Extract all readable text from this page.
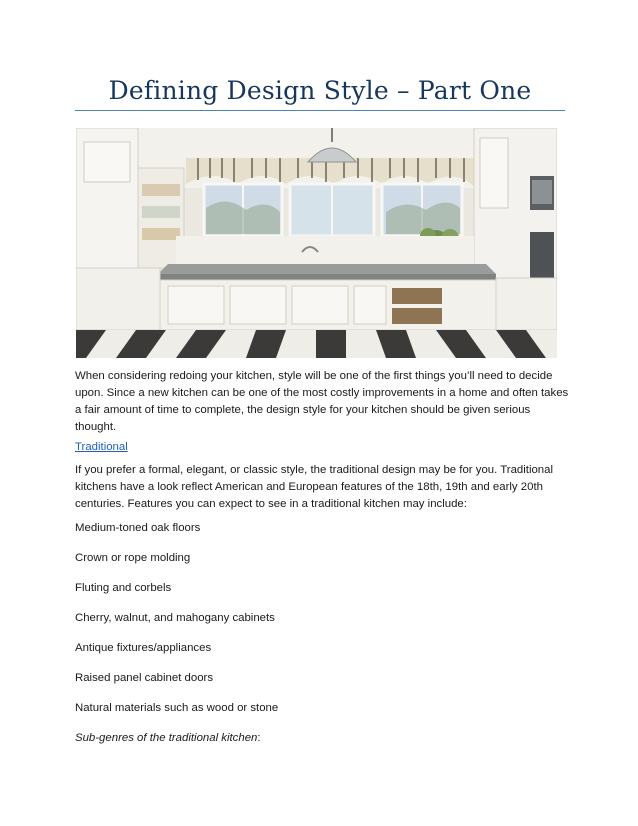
Defining Design Style – Part One

When considering redoing your kitchen, style will be one of the first things you’ll need to decide upon. Since a new kitchen can be one of the most costly improvements in a home and often takes a fair amount of time to complete, the design style for your kitchen should be given serious thought.

Traditional

If you prefer a formal, elegant, or classic style, the traditional design may be for you. Traditional kitchens have a look reflect American and European features of the 18th, 19th and early 20th centuries. Features you can expect to see in a traditional kitchen may include:

Medium-toned oak floors

Crown or rope molding

Fluting and corbels

Cherry, walnut, and mahogany cabinets

Antique fixtures/appliances

Raised panel cabinet doors

Natural materials such as wood or stone

Sub-genres of the traditional kitchen:
